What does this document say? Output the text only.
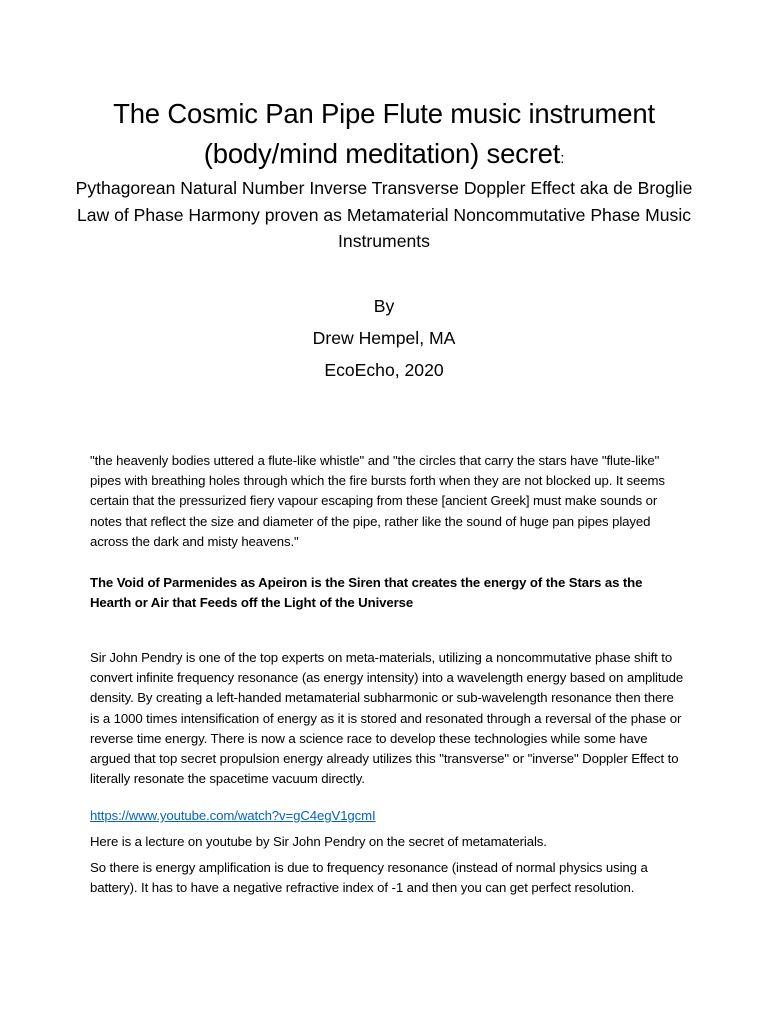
The Cosmic Pan Pipe Flute music instrument (body/mind meditation) secret:
Pythagorean Natural Number Inverse Transverse Doppler Effect aka de Broglie Law of Phase Harmony proven as Metamaterial Noncommutative Phase Music Instruments
By
Drew Hempel, MA
EcoEcho, 2020

"the heavenly bodies uttered a flute-like whistle" and "the circles that carry the stars have "flute-like" pipes with breathing holes through which the fire bursts forth when they are not blocked up. It seems certain that the pressurized fiery vapour escaping from these [ancient Greek] must make sounds or notes that reflect the size and diameter of the pipe, rather like the sound of huge pan pipes played across the dark and misty heavens."

The Void of Parmenides as Apeiron is the Siren that creates the energy of the Stars as the Hearth or Air that Feeds off the Light of the Universe

Sir John Pendry is one of the top experts on meta-materials, utilizing a noncommutative phase shift to convert infinite frequency resonance (as energy intensity) into a wavelength energy based on amplitude density. By creating a left-handed metamaterial subharmonic or sub-wavelength resonance then there is a 1000 times intensification of energy as it is stored and resonated through a reversal of the phase or reverse time energy. There is now a science race to develop these technologies while some have argued that top secret propulsion energy already utilizes this "transverse" or "inverse" Doppler Effect to literally resonate the spacetime vacuum directly.

https://www.youtube.com/watch?v=gC4egV1gcmI

Here is a lecture on youtube by Sir John Pendry on the secret of metamaterials.

So there is energy amplification is due to frequency resonance (instead of normal physics using a battery). It has to have a negative refractive index of -1 and then you can get perfect resolution.
